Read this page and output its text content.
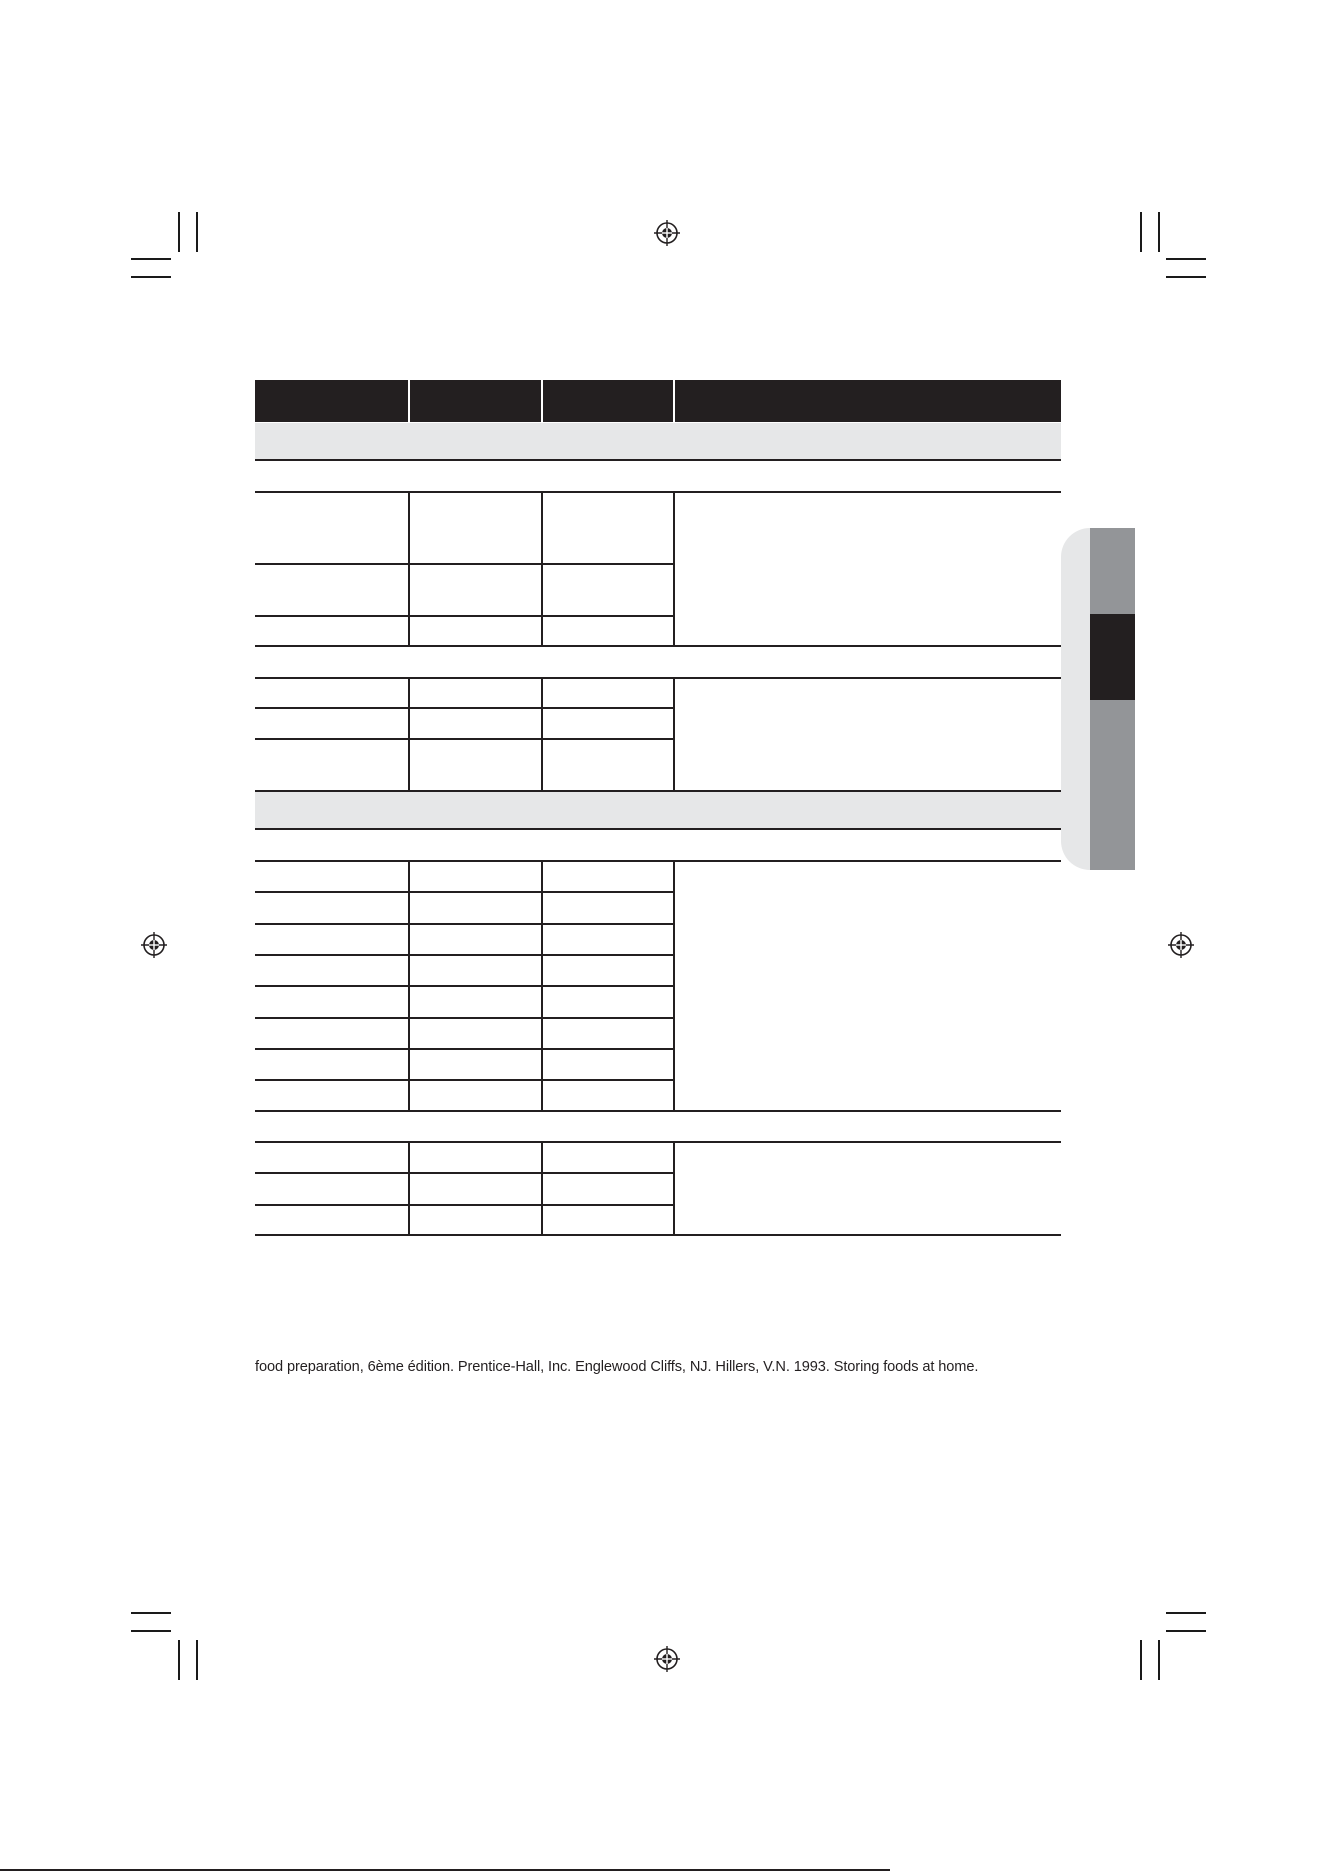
food preparation, 6ème édition. Prentice-Hall, Inc. Englewood Cliffs, NJ. Hillers, V.N. 1993. Storing foods at home.
